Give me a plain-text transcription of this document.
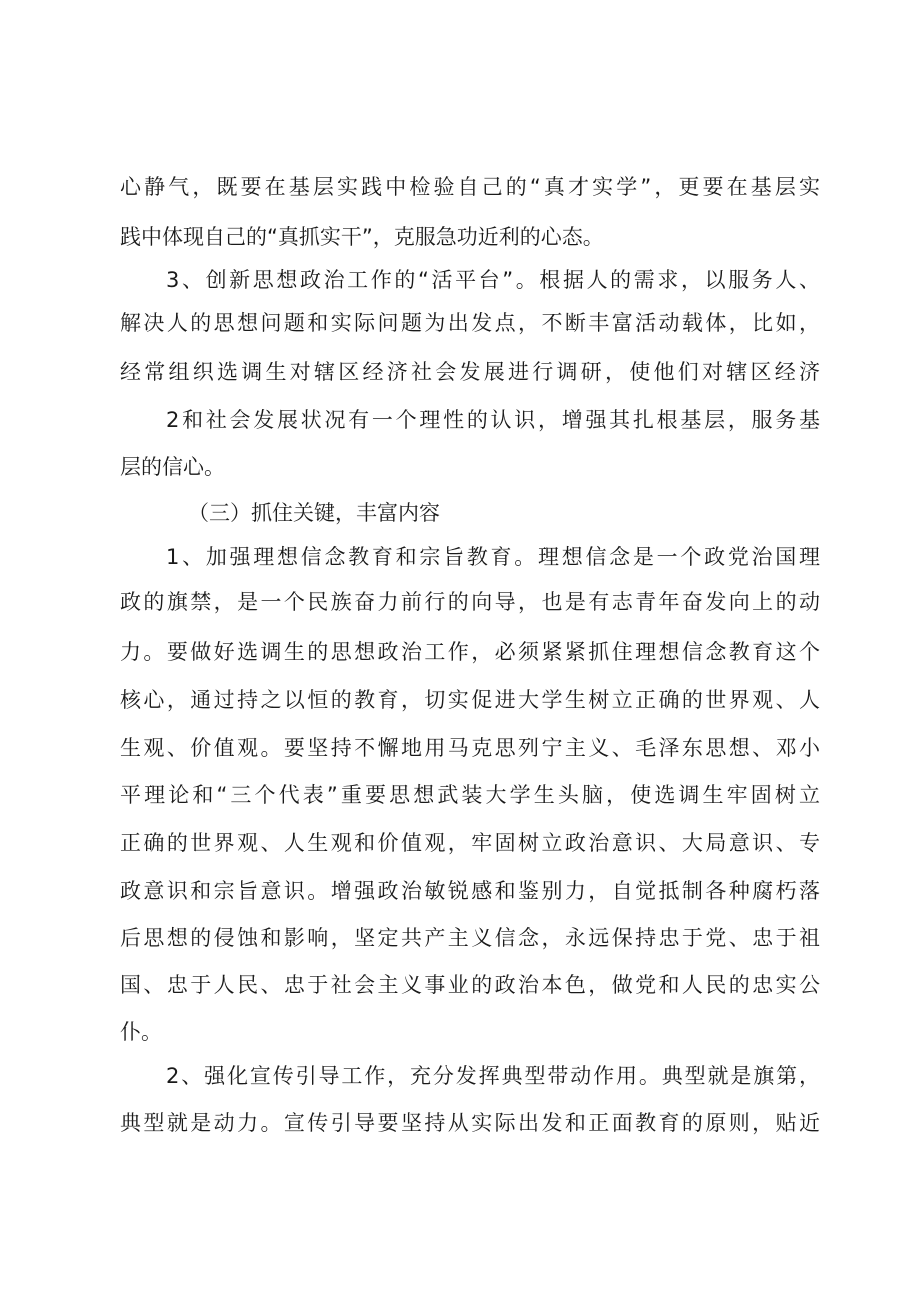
心静气，既要在基层实践中检验自己的“真才实学”，更要在基层实
践中体现自己的“真抓实干”，克服急功近利的心态。
3、创新思想政治工作的“活平台”。根据人的需求，以服务人、
解决人的思想问题和实际问题为出发点，不断丰富活动载体，比如，
经常组织选调生对辖区经济社会发展进行调研，使他们对辖区经济
2和社会发展状况有一个理性的认识，增强其扎根基层，服务基
层的信心。
（三）抓住关键，丰富内容
1、加强理想信念教育和宗旨教育。理想信念是一个政党治国理
政的旗禁，是一个民族奋力前行的向导，也是有志青年奋发向上的动
力。要做好选调生的思想政治工作，必须紧紧抓住理想信念教育这个
核心，通过持之以恒的教育，切实促进大学生树立正确的世界观、人
生观、价值观。要坚持不懈地用马克思列宁主义、毛泽东思想、邓小
平理论和“三个代表”重要思想武装大学生头脑，使选调生牢固树立
正确的世界观、人生观和价值观，牢固树立政治意识、大局意识、专
政意识和宗旨意识。增强政治敏锐感和鉴别力，自觉抵制各种腐朽落
后思想的侵蚀和影响，坚定共产主义信念，永远保持忠于党、忠于祖
国、忠于人民、忠于社会主义事业的政治本色，做党和人民的忠实公
仆。
2、强化宣传引导工作，充分发挥典型带动作用。典型就是旗第，
典型就是动力。宣传引导要坚持从实际出发和正面教育的原则，贴近
